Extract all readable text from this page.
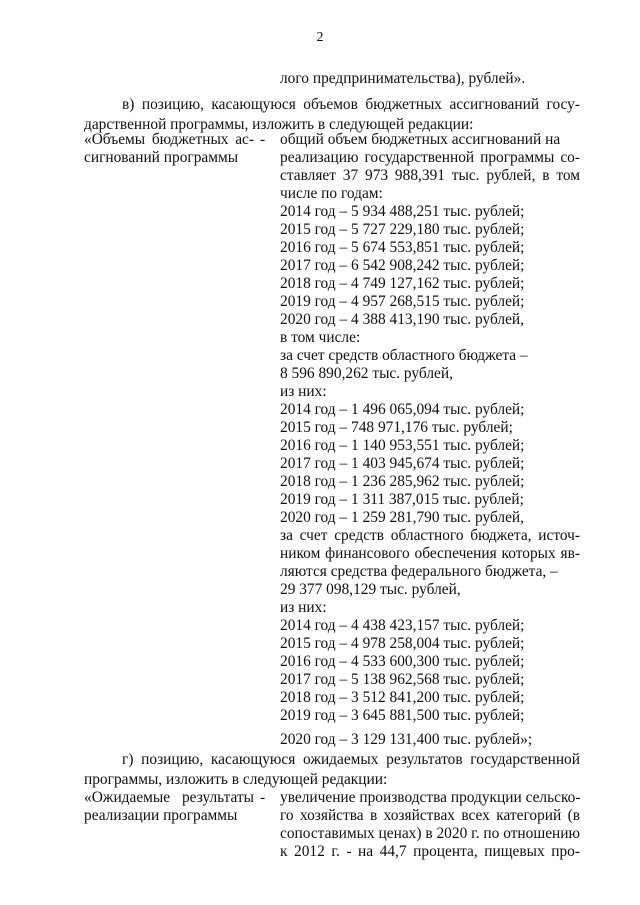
2
лого предпринимательства), рублей».
в) позицию, касающуюся объемов бюджетных ассигнований госу-
дарственной программы, изложить в следующей редакции:
«Объемы бюджетных ас- - общий объем бюджетных ассигнований на
сигнований программы	реализацию государственной программы со-
ставляет 37 973 988,391 тыс. рублей, в том
числе по годам:
2014 год – 5 934 488,251 тыс. рублей;
2015 год – 5 727 229,180 тыс. рублей;
2016 год – 5 674 553,851 тыс. рублей;
2017 год – 6 542 908,242 тыс. рублей;
2018 год – 4 749 127,162 тыс. рублей;
2019 год – 4 957 268,515 тыс. рублей;
2020 год – 4 388 413,190 тыс. рублей,
в том числе:
за счет средств областного бюджета –
8 596 890,262 тыс. рублей,
из них:
2014 год – 1 496 065,094 тыс. рублей;
2015 год – 748 971,176 тыс. рублей;
2016 год – 1 140 953,551 тыс. рублей;
2017 год – 1 403 945,674 тыс. рублей;
2018 год – 1 236 285,962 тыс. рублей;
2019 год – 1 311 387,015 тыс. рублей;
2020 год – 1 259 281,790 тыс. рублей,
за счет средств областного бюджета, источ-
ником финансового обеспечения которых яв-
ляются средства федерального бюджета, –
29 377 098,129 тыс. рублей,
из них:
2014 год – 4 438 423,157 тыс. рублей;
2015 год – 4 978 258,004 тыс. рублей;
2016 год – 4 533 600,300 тыс. рублей;
2017 год – 5 138 962,568 тыс. рублей;
2018 год – 3 512 841,200 тыс. рублей;
2019 год – 3 645 881,500 тыс. рублей;
2020 год – 3 129 131,400 тыс. рублей»;
г) позицию, касающуюся ожидаемых результатов государственной
программы, изложить в следующей редакции:
«Ожидаемые результаты - увеличение производства продукции сельско-
реализации программы	го хозяйства в хозяйствах всех категорий (в
сопоставимых ценах) в 2020 г. по отношению
к 2012 г. - на 44,7 процента, пищевых про-
